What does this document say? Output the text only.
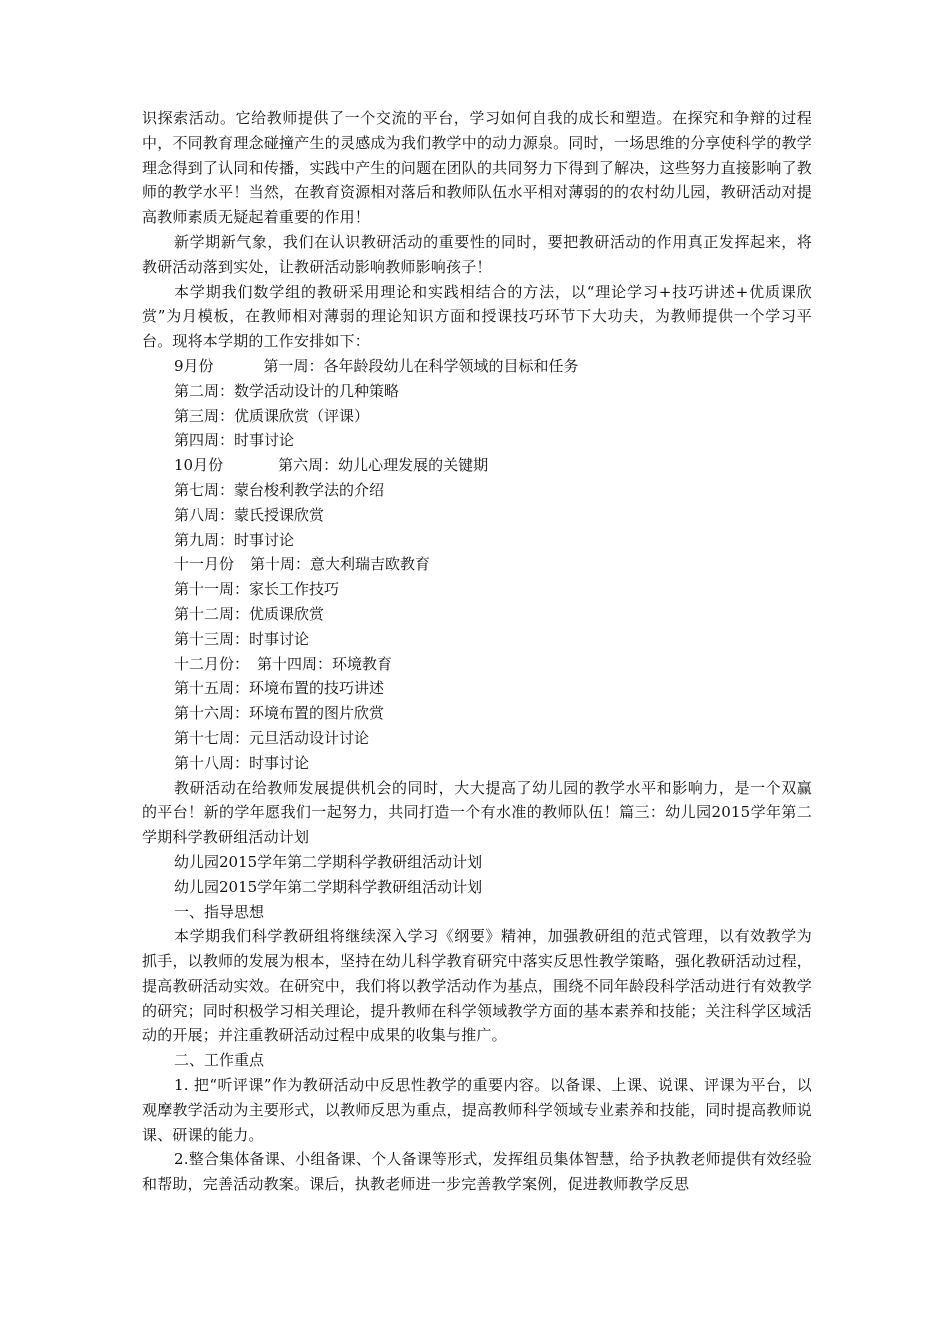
识探索活动。它给教师提供了一个交流的平台，学习如何自我的成长和塑造。在探究和争辩的过程中，不同教育理念碰撞产生的灵感成为我们教学中的动力源泉。同时，一场思维的分享使科学的教学理念得到了认同和传播，实践中产生的问题在团队的共同努力下得到了解决，这些努力直接影响了教师的教学水平！当然，在教育资源相对落后和教师队伍水平相对薄弱的的农村幼儿园，教研活动对提高教师素质无疑起着重要的作用！

新学期新气象，我们在认识教研活动的重要性的同时，要把教研活动的作用真正发挥起来，将教研活动落到实处，让教研活动影响教师影响孩子！

本学期我们数学组的教研采用理论和实践相结合的方法，以“理论学习+技巧讲述+优质课欣赏”为月模板，在教师相对薄弱的理论知识方面和授课技巧环节下大功夫，为教师提供一个学习平台。现将本学期的工作安排如下：

9月份	第一周：各年龄段幼儿在科学领域的目标和任务

第二周：数学活动设计的几种策略

第三周：优质课欣赏（评课）

第四周：时事讨论

10月份	第六周：幼儿心理发展的关键期

第七周：蒙台梭利教学法的介绍

第八周：蒙氏授课欣赏

第九周：时事讨论

十一月份 第十周：意大利瑞吉欧教育

第十一周：家长工作技巧

第十二周：优质课欣赏

第十三周：时事讨论

十二月份： 第十四周：环境教育

第十五周：环境布置的技巧讲述

第十六周：环境布置的图片欣赏

第十七周：元旦活动设计讨论

第十八周：时事讨论

教研活动在给教师发展提供机会的同时，大大提高了幼儿园的教学水平和影响力，是一个双赢的平台！新的学年愿我们一起努力，共同打造一个有水准的教师队伍！篇三：幼儿园2015学年第二学期科学教研组活动计划

幼儿园2015学年第二学期科学教研组活动计划

幼儿园2015学年第二学期科学教研组活动计划

一、指导思想

本学期我们科学教研组将继续深入学习《纲要》精神，加强教研组的范式管理，以有效教学为抓手，以教师的发展为根本，坚持在幼儿科学教育研究中落实反思性教学策略，强化教研活动过程，提高教研活动实效。在研究中，我们将以教学活动作为基点，围绕不同年龄段科学活动进行有效教学的研究；同时积极学习相关理论，提升教师在科学领域教学方面的基本素养和技能；关注科学区域活动的开展；并注重教研活动过程中成果的收集与推广。

二、工作重点

1. 把“听评课”作为教研活动中反思性教学的重要内容。以备课、上课、说课、评课为平台，以观摩教学活动为主要形式，以教师反思为重点，提高教师科学领域专业素养和技能，同时提高教师说课、研课的能力。

2.整合集体备课、小组备课、个人备课等形式，发挥组员集体智慧，给予执教老师提供有效经验和帮助，完善活动教案。课后，执教老师进一步完善教学案例，促进教师教学反思
